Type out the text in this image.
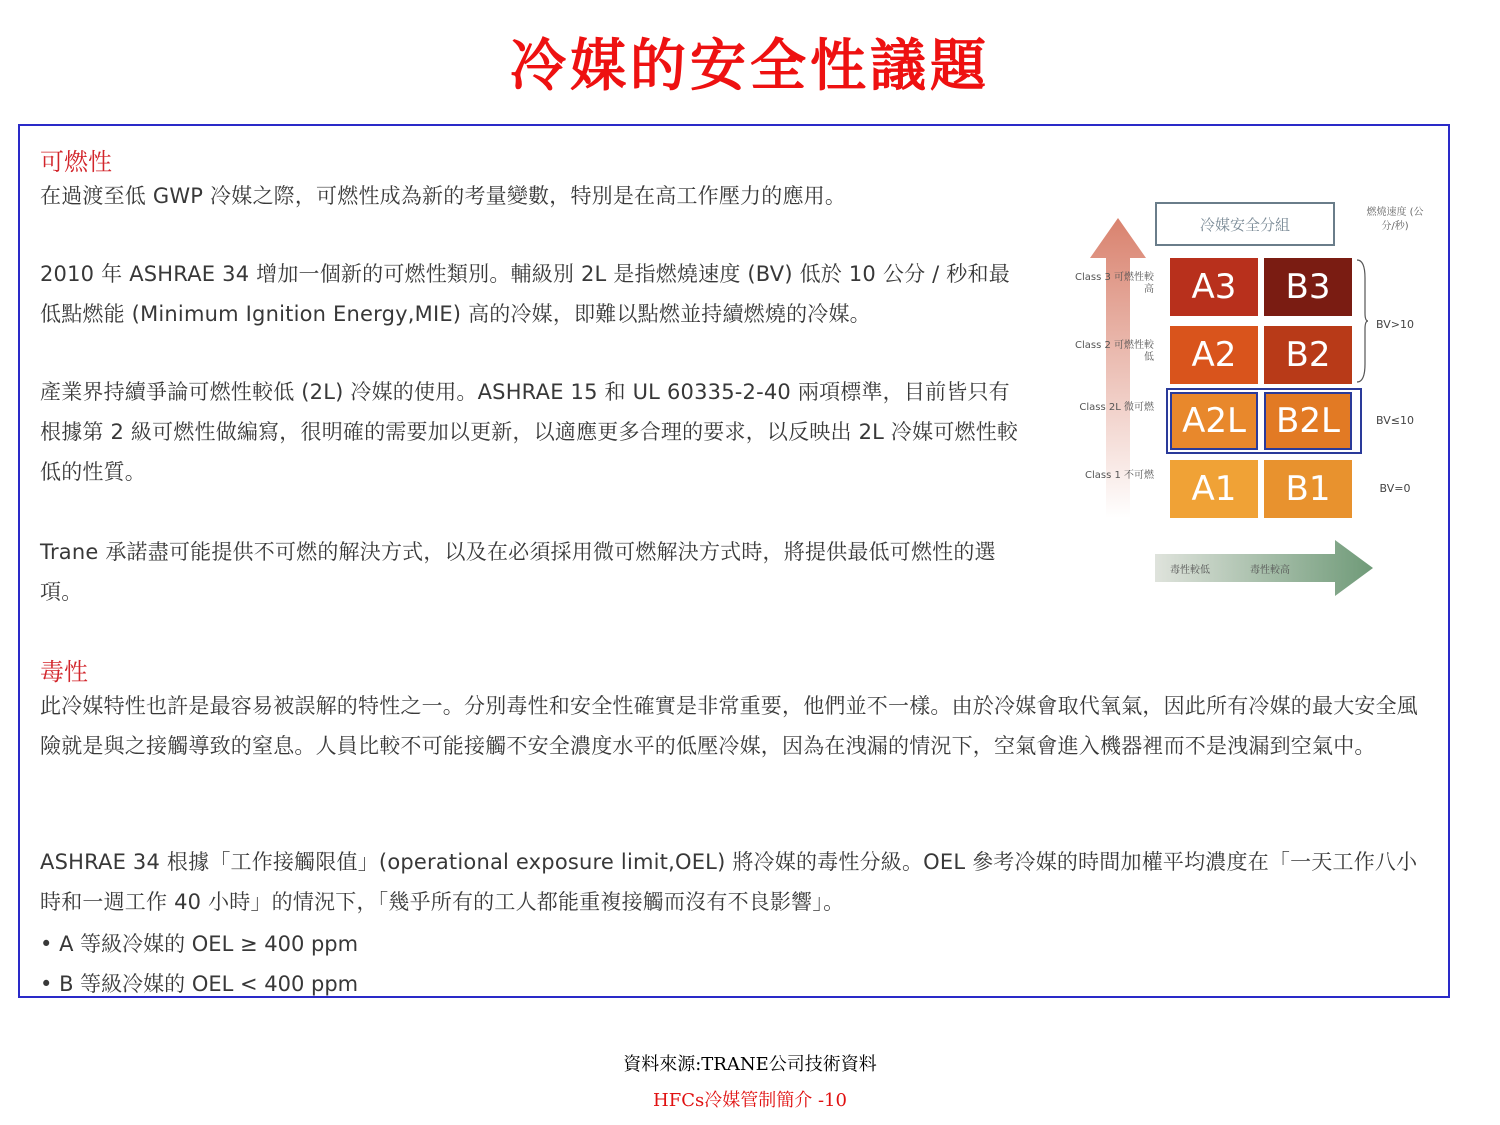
冷媒的安全性議題
可燃性

在過渡至低 GWP 冷媒之際，可燃性成為新的考量變數，特別是在高工作壓力的應用。

2010 年 ASHRAE 34 增加一個新的可燃性類別。輔級別 2L 是指燃燒速度 (BV) 低於 10 公分 / 秒和最低點燃能 (Minimum Ignition Energy,MIE) 高的冷媒，即難以點燃並持續燃燒的冷媒。

產業界持續爭論可燃性較低 (2L) 冷媒的使用。ASHRAE 15 和 UL 60335-2-40 兩項標準，目前皆只有根據第 2 級可燃性做編寫，很明確的需要加以更新，以適應更多合理的要求，以反映出 2L 冷媒可燃性較低的性質。

Trane 承諾盡可能提供不可燃的解決方式，以及在必須採用微可燃解決方式時，將提供最低可燃性的選項。

毒性

此冷媒特性也許是最容易被誤解的特性之一。分別毒性和安全性確實是非常重要，他們並不一樣。由於冷媒會取代氧氣，因此所有冷媒的最大安全風險就是與之接觸導致的窒息。人員比較不可能接觸不安全濃度水平的低壓冷媒，因為在洩漏的情況下，空氣會進入機器裡而不是洩漏到空氣中。

ASHRAE 34 根據「工作接觸限值」(operational exposure limit,OEL) 將冷媒的毒性分級。OEL 參考冷媒的時間加權平均濃度在「一天工作八小時和一週工作 40 小時」的情況下，「幾乎所有的工人都能重複接觸而沒有不良影響」。

• A 等級冷媒的 OEL ≥ 400 ppm
• B 等級冷媒的 OEL < 400 ppm
冷媒安全分組
燃燒速度 (公分/秒)
Class 3 可燃性較高	A3	B3
BV>10
Class 2 可燃性較低	A2	B2
Class 2L 微可燃 A2L B2L	BV≤10
Class 1 不可燃	A1	B1	BV=0
毒性較低	毒性較高
資料來源:TRANE公司技術資料
HFCs冷媒管制簡介 -10
